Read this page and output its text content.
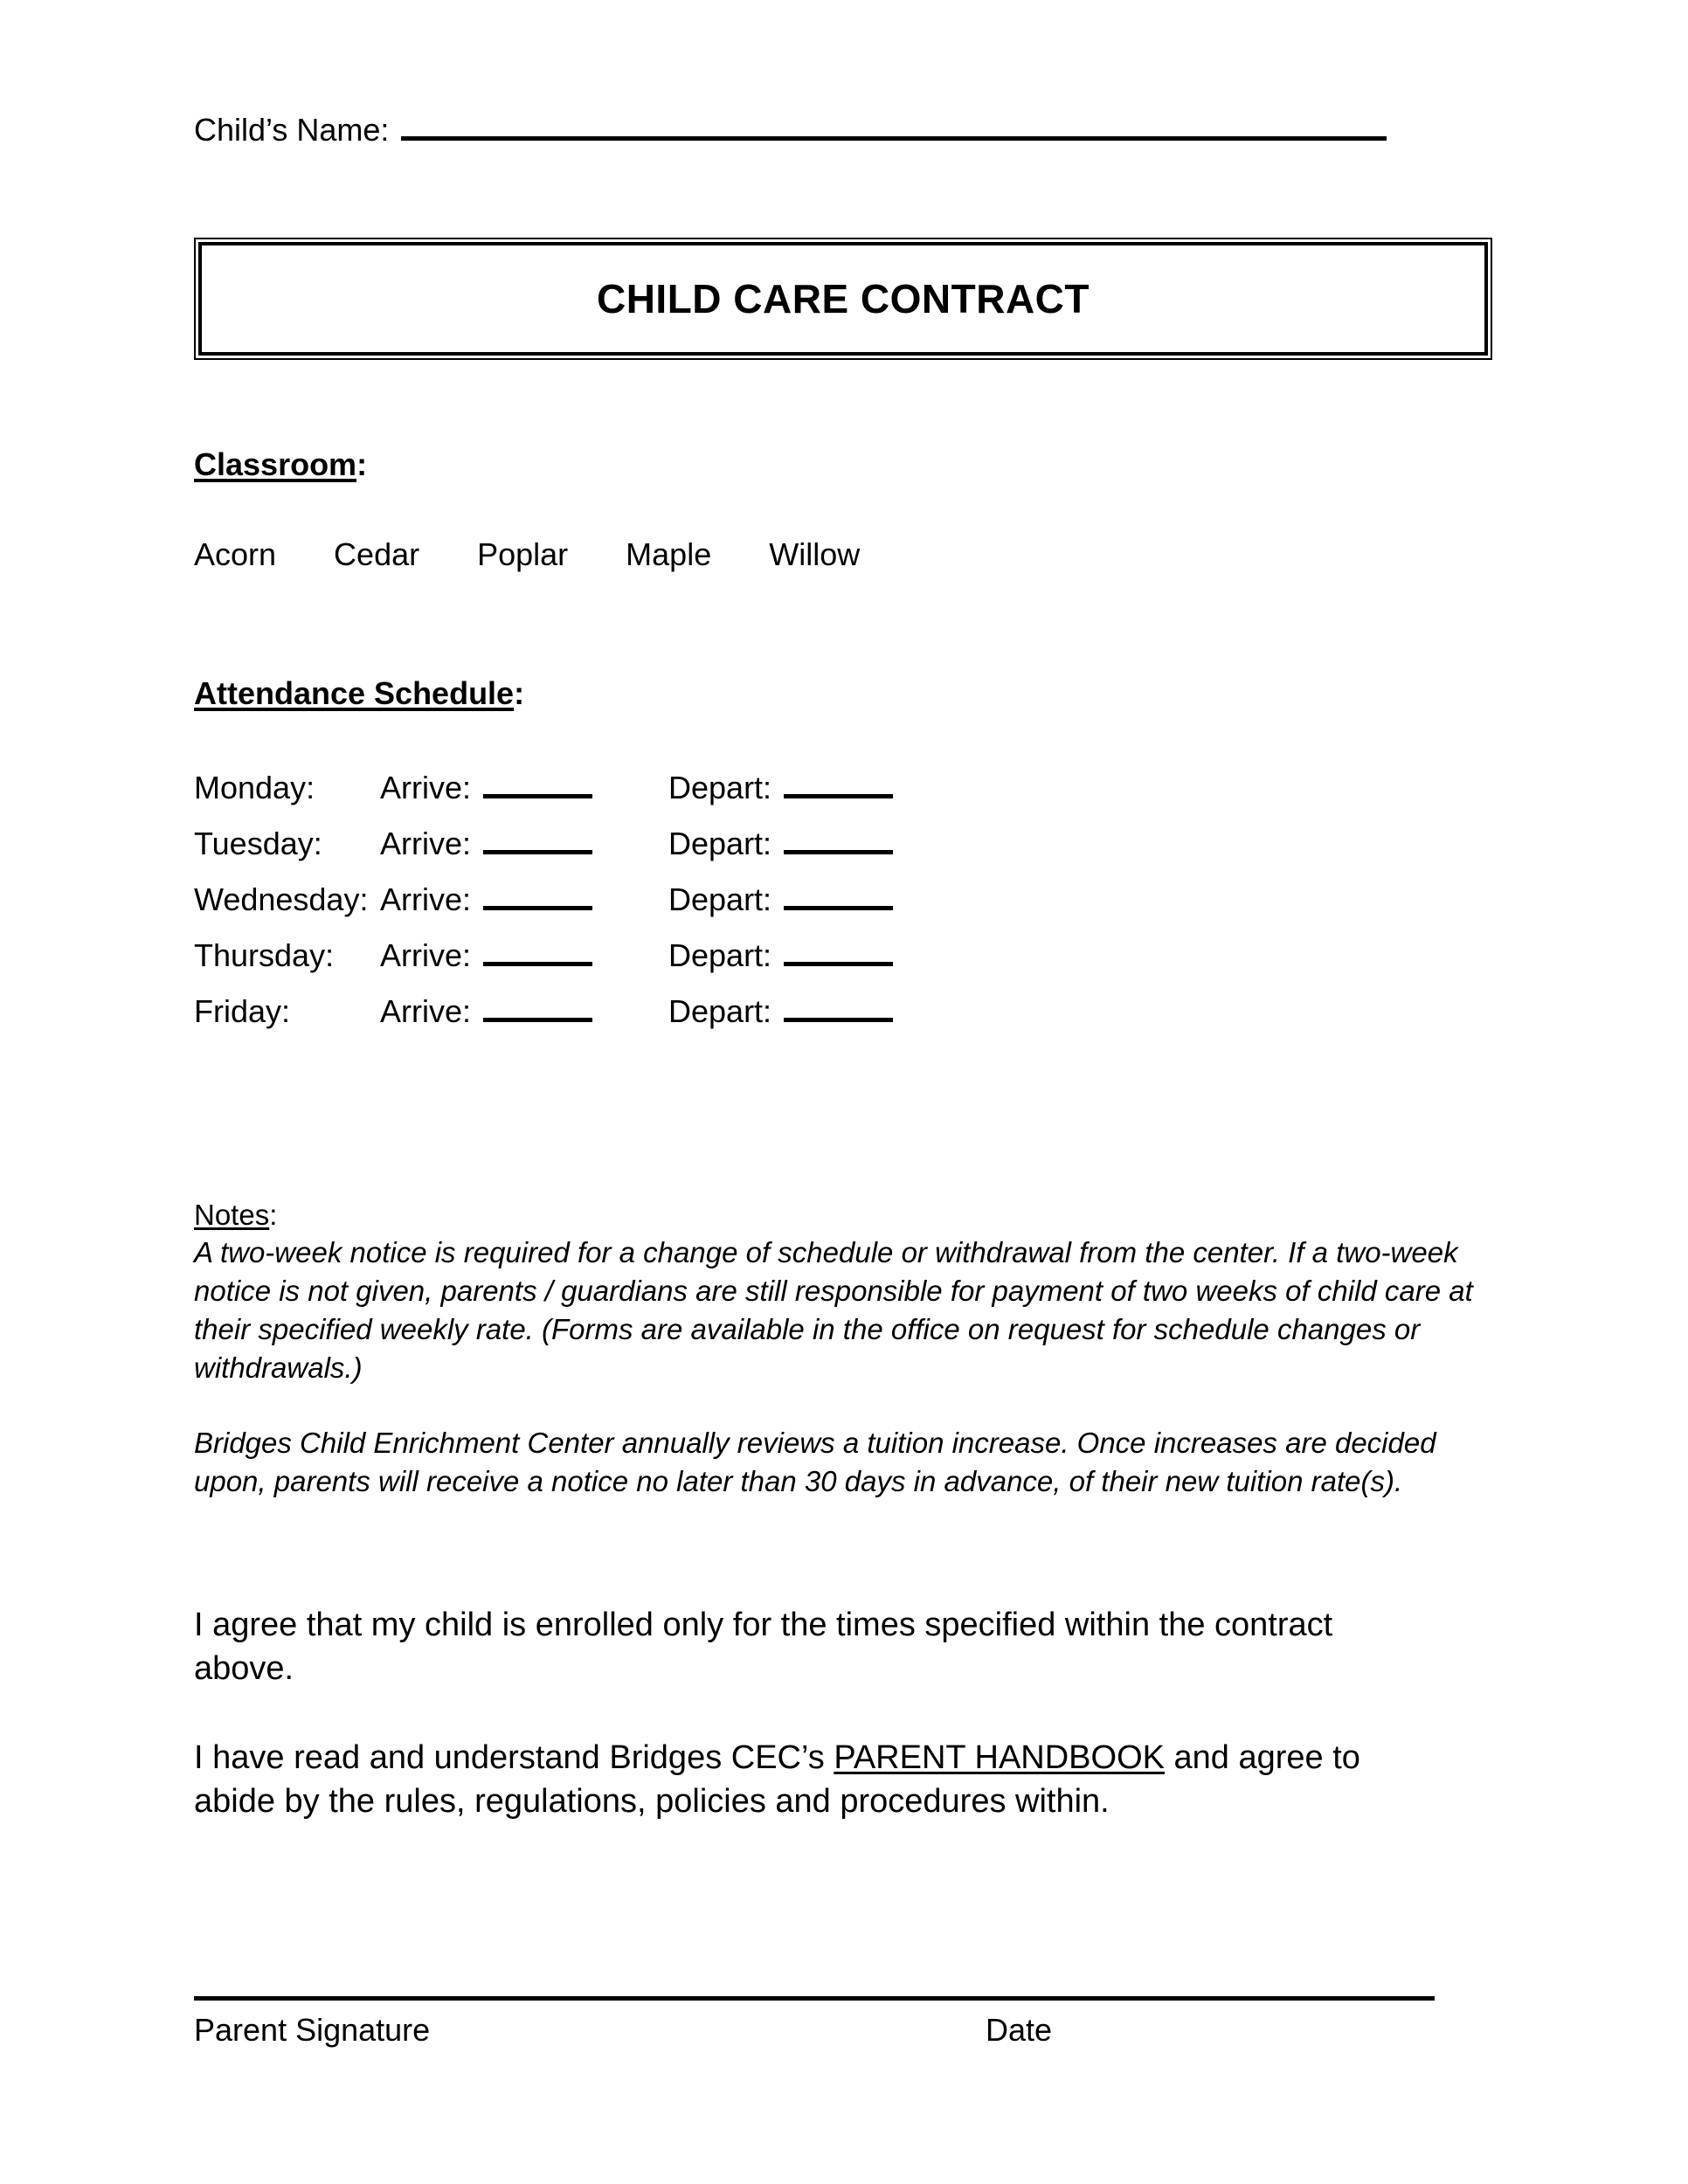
Child’s Name:
CHILD CARE CONTRACT
Classroom:
Acorn Cedar Poplar Maple Willow
Attendance Schedule:
Monday:	Arrive:	Depart:
Tuesday:	Arrive:	Depart:
Wednesday: Arrive:	Depart:
Thursday:	Arrive:	Depart:
Friday:	Arrive:	Depart:
Notes:

A two-week notice is required for a change of schedule or withdrawal from the center. If a two-week notice is not given, parents / guardians are still responsible for payment of two weeks of child care at their specified weekly rate. (Forms are available in the office on request for schedule changes or withdrawals.)

Bridges Child Enrichment Center annually reviews a tuition increase. Once increases are decided upon, parents will receive a notice no later than 30 days in advance, of their new tuition rate(s).

I agree that my child is enrolled only for the times specified within the contract above.

I have read and understand Bridges CEC’s PARENT HANDBOOK and agree to abide by the rules, regulations, policies and procedures within.

Parent Signature	Date
